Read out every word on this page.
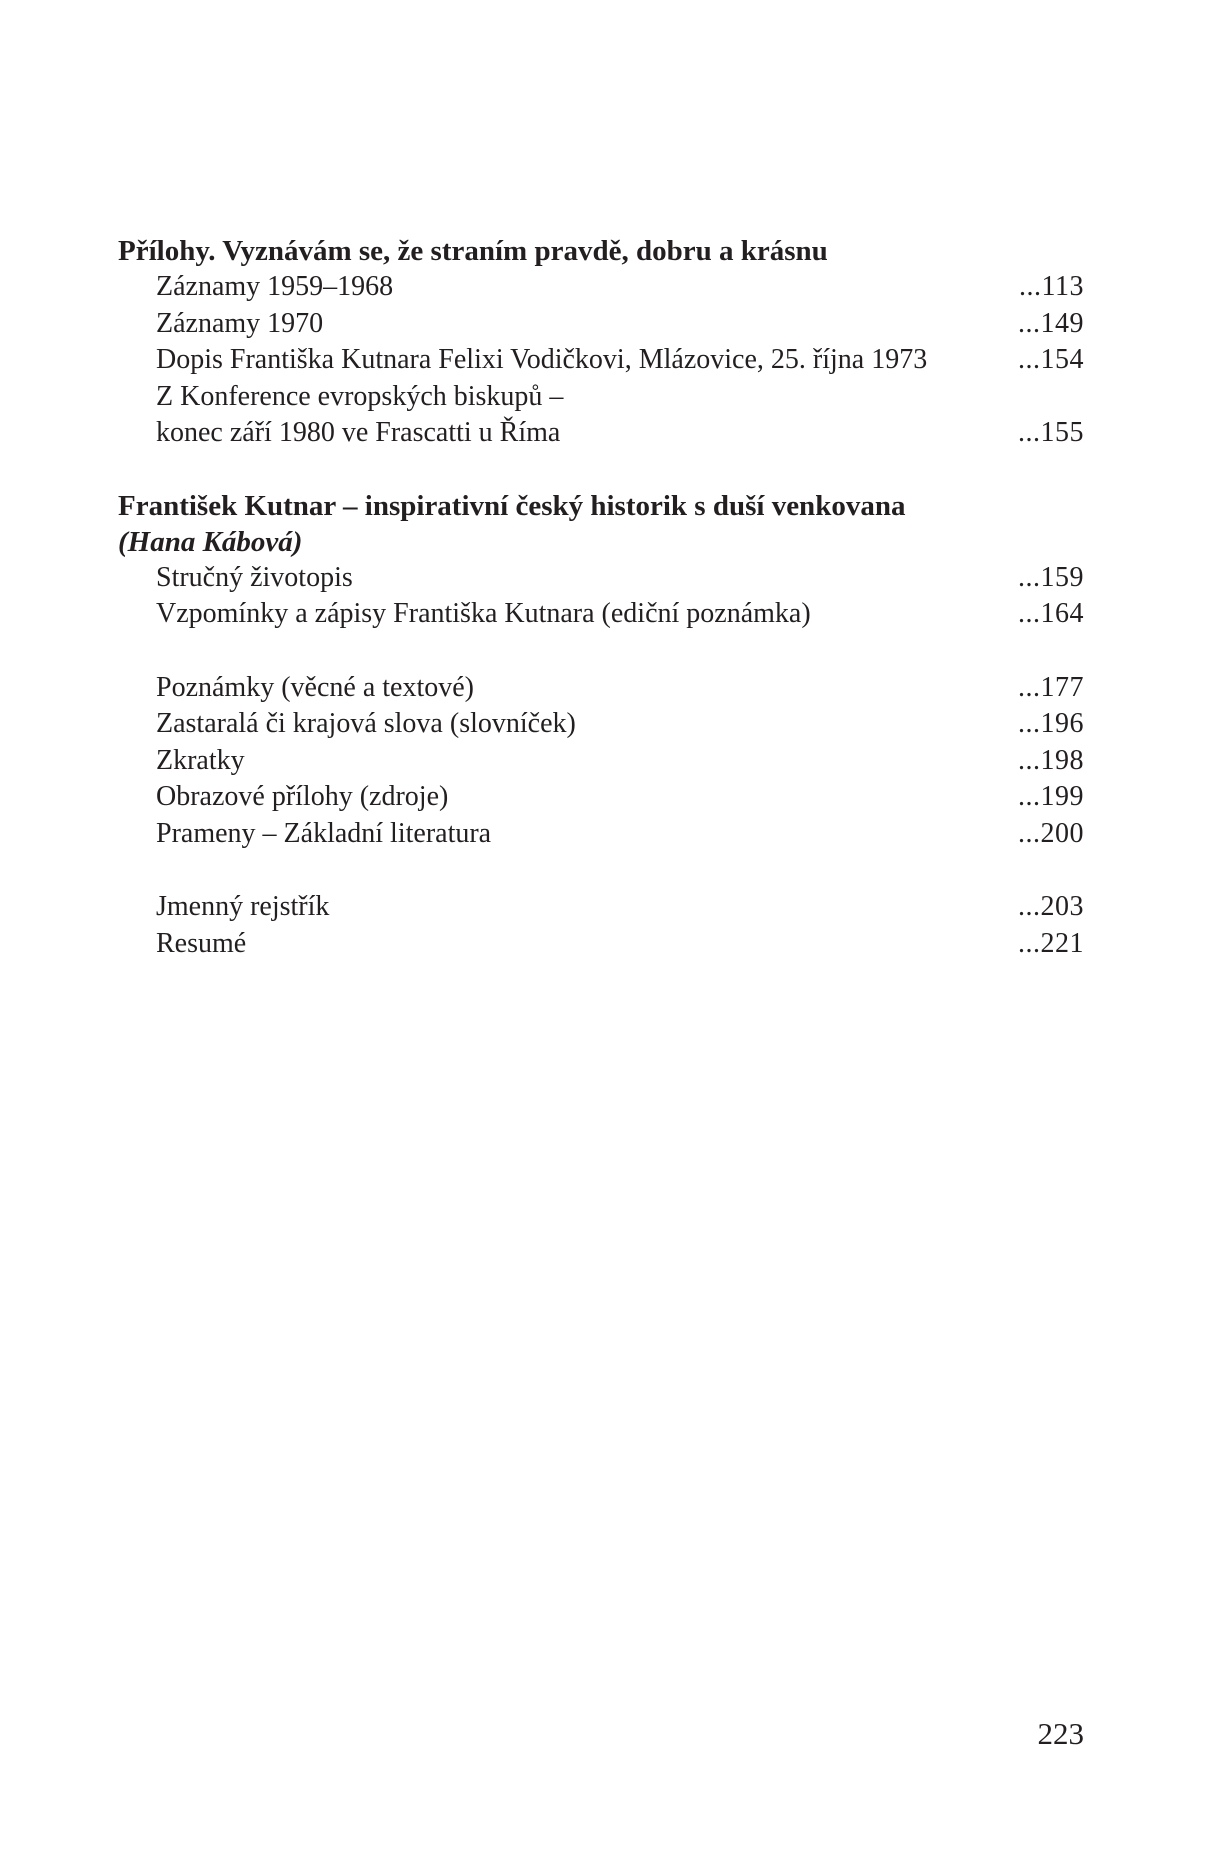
Přílohy. Vyznávám se, že straním pravdě, dobru a krásnu
Záznamy 1959–1968	...113
Záznamy 1970	...149
Dopis Františka Kutnara Felixi Vodičkovi, Mlázovice, 25. října 1973	...154
Z Konference evropských biskupů –
konec září 1980 ve Frascatti u Říma	...155
František Kutnar – inspirativní český historik s duší venkovana
(Hana Kábová)
Stručný životopis	...159
Vzpomínky a zápisy Františka Kutnara (ediční poznámka)	...164
Poznámky (věcné a textové)	...177
Zastaralá či krajová slova (slovníček)	...196
Zkratky	...198
Obrazové přílohy (zdroje)	...199
Prameny – Základní literatura	...200
Jmenný rejstřík	...203
Resumé	...221
223
